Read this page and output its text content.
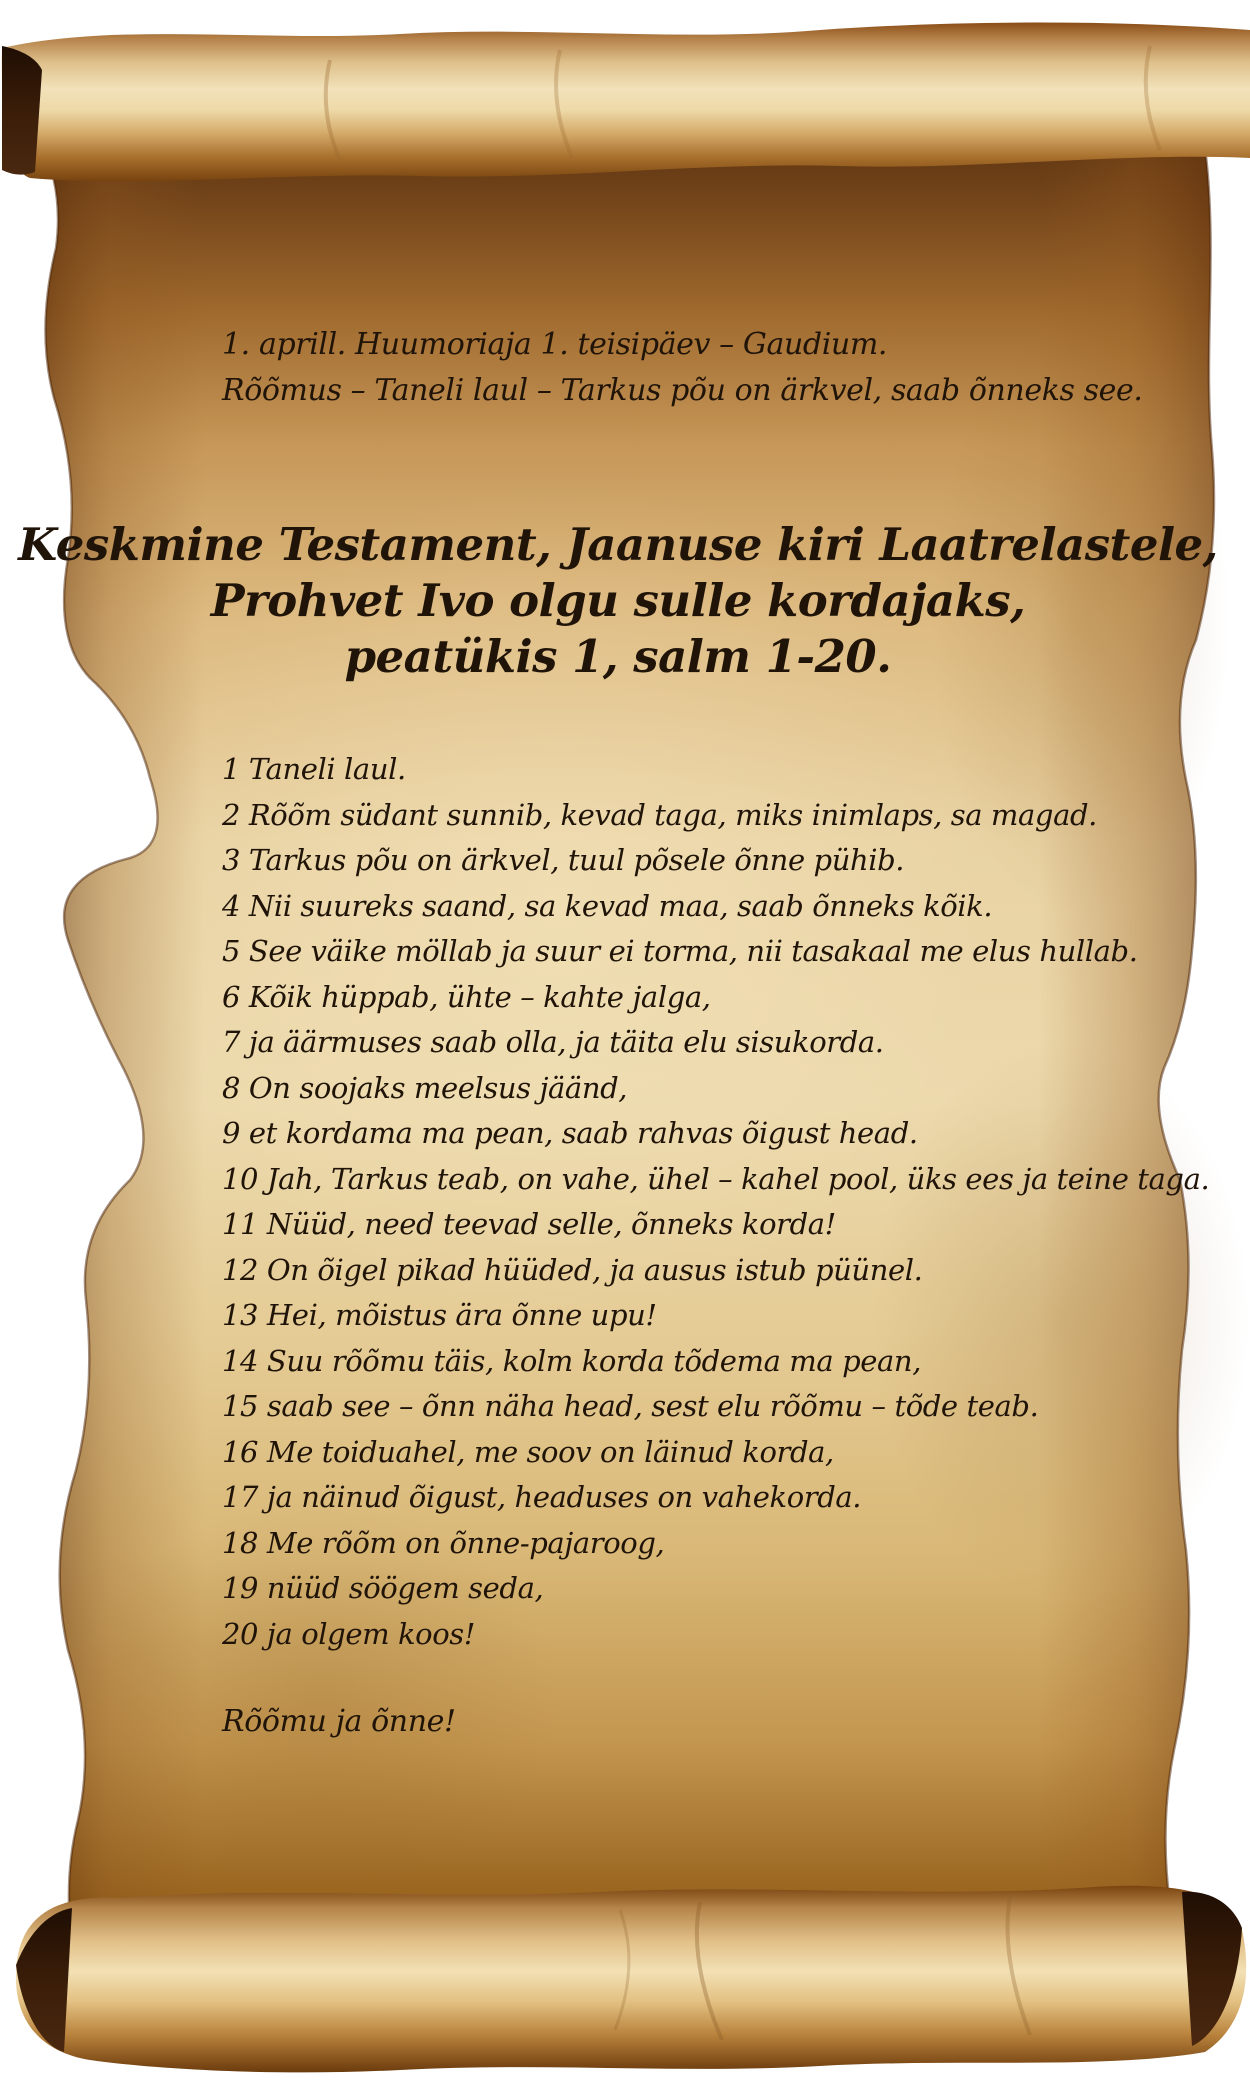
1. aprill. Huumoriaja 1. teisipäev – Gaudium.
Rõõmus – Taneli laul – Tarkus põu on ärkvel, saab õnneks see.
Keskmine Testament, Jaanuse kiri Laatrelastele,
Prohvet Ivo olgu sulle kordajaks,
peatükis 1, salm 1-20.
1 Taneli laul.
2 Rõõm südant sunnib, kevad taga, miks inimlaps, sa magad.
3 Tarkus põu on ärkvel, tuul põsele õnne pühib.
4 Nii suureks saand, sa kevad maa, saab õnneks kõik.
5 See väike möllab ja suur ei torma, nii tasakaal me elus hullab.
6 Kõik hüppab, ühte – kahte jalga,
7 ja äärmuses saab olla, ja täita elu sisukorda.
8 On soojaks meelsus jäänd,
9 et kordama ma pean, saab rahvas õigust head.
10 Jah, Tarkus teab, on vahe, ühel – kahel pool, üks ees ja teine taga.
11 Nüüd, need teevad selle, õnneks korda!
12 On õigel pikad hüüded, ja ausus istub püünel.
13 Hei, mõistus ära õnne upu!
14 Suu rõõmu täis, kolm korda tõdema ma pean,
15 saab see – õnn näha head, sest elu rõõmu – tõde teab.
16 Me toiduahel, me soov on läinud korda,
17 ja näinud õigust, headuses on vahekorda.
18 Me rõõm on õnne-pajaroog,
19 nüüd söögem seda,
20 ja olgem koos!
Rõõmu ja õnne!
